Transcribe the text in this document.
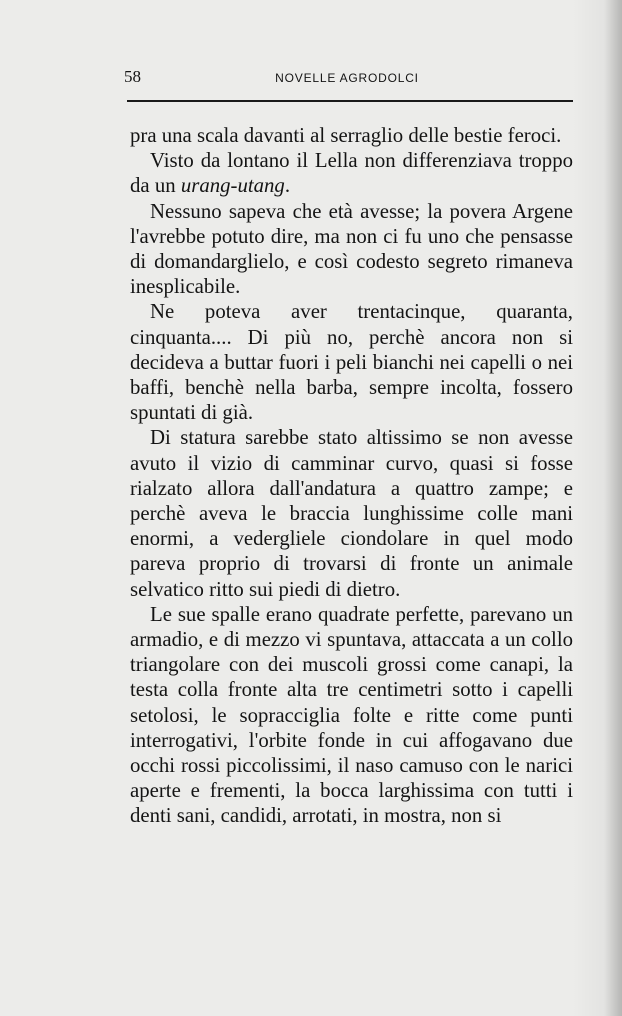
58	NOVELLE AGRODOLCI

pra una scala davanti al serraglio delle bestie feroci.

Visto da lontano il Lella non differenziava troppo da un urang-utang.

Nessuno sapeva che età avesse; la povera Argene l'avrebbe potuto dire, ma non ci fu uno che pensasse di domandarglielo, e così codesto segreto rimaneva inesplicabile.

Ne poteva aver trentacinque, quaranta, cinquanta.... Di più no, perchè ancora non si decideva a buttar fuori i peli bianchi nei capelli o nei baffi, benchè nella barba, sempre incolta, fossero spuntati di già.

Di statura sarebbe stato altissimo se non avesse avuto il vizio di camminar curvo, quasi si fosse rialzato allora dall'andatura a quattro zampe; e perchè aveva le braccia lunghissime colle mani enormi, a vedergliele ciondolare in quel modo pareva proprio di trovarsi di fronte un animale selvatico ritto sui piedi di dietro.

Le sue spalle erano quadrate perfette, parevano un armadio, e di mezzo vi spuntava, attaccata a un collo triangolare con dei muscoli grossi come canapi, la testa colla fronte alta tre centimetri sotto i capelli setolosi, le sopracciglia folte e ritte come punti interrogativi, l'orbite fonde in cui affogavano due occhi rossi piccolissimi, il naso camuso con le narici aperte e frementi, la bocca larghissima con tutti i denti sani, candidi, arrotati, in mostra, non si
